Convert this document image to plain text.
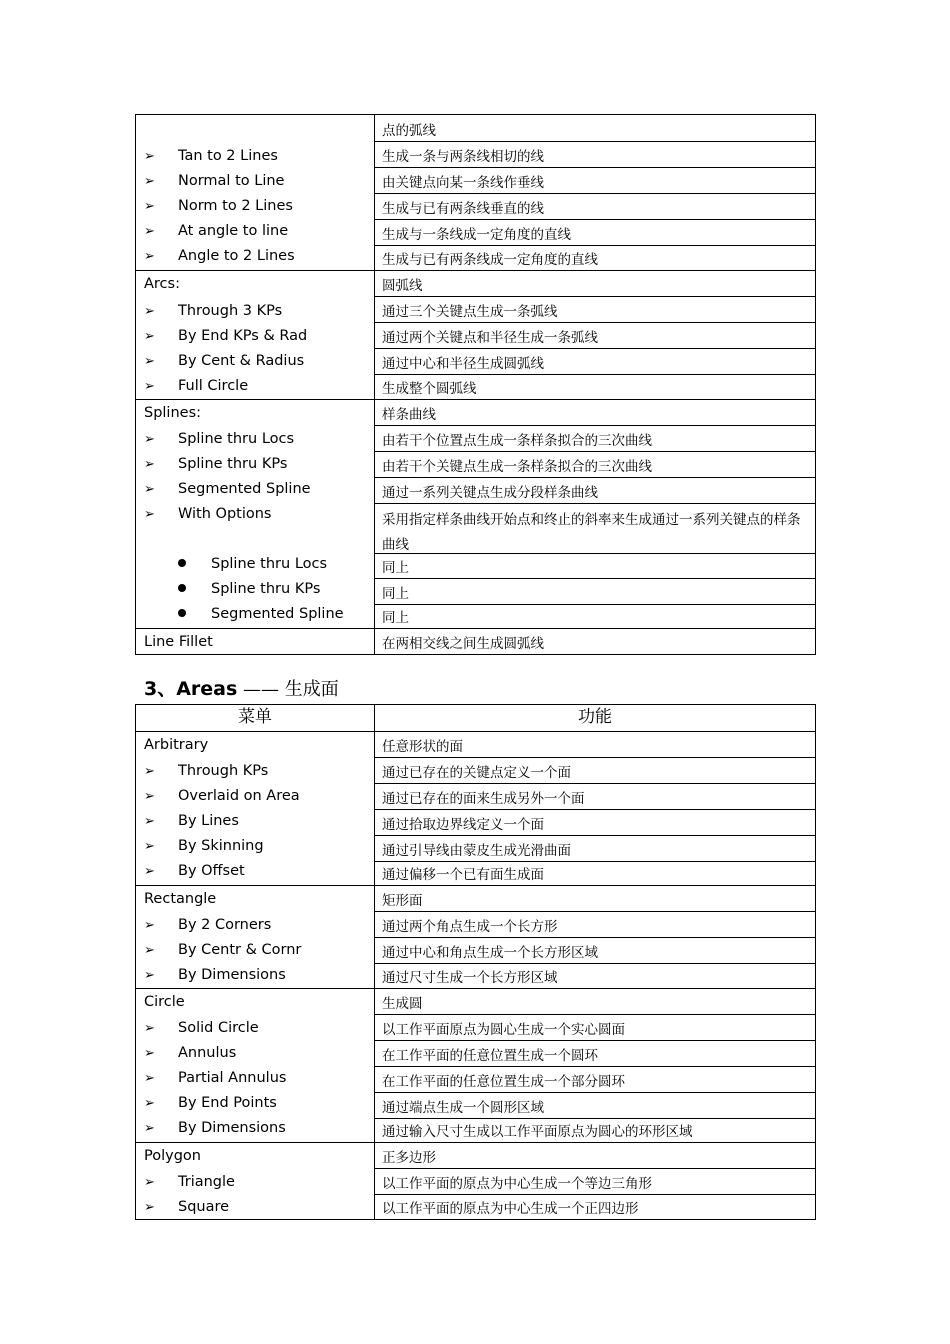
➢ Tan to 2 Lines
➢ Normal to Line
➢ Norm to 2 Lines
➢ At angle to line
➢ Angle to 2 Lines
点的弧线
生成一条与两条线相切的线
由关键点向某一条线作垂线
生成与已有两条线垂直的线
生成与一条线成一定角度的直线
生成与已有两条线成一定角度的直线
Arcs:
➢ Through 3 KPs
➢ By End KPs & Rad
➢ By Cent & Radius
➢ Full Circle
圆弧线
通过三个关键点生成一条弧线
通过两个关键点和半径生成一条弧线
通过中心和半径生成圆弧线
生成整个圆弧线
Splines:
➢ Spline thru Locs
➢ Spline thru KPs
➢ Segmented Spline
➢ With Options
Spline thru Locs
Spline thru KPs
Segmented Spline
样条曲线
由若干个位置点生成一条样条拟合的三次曲线
由若干个关键点生成一条样条拟合的三次曲线
通过一系列关键点生成分段样条曲线
采用指定样条曲线开始点和终止的斜率来生成通过一系列关键点的样条曲线
同上
同上
同上
Line Fillet	在两相交线之间生成圆弧线
3、Areas —— 生成面
菜单	功能
Arbitrary
➢ Through KPs
➢ Overlaid on Area
➢ By Lines
➢ By Skinning
➢ By Offset
任意形状的面
通过已存在的关键点定义一个面
通过已存在的面来生成另外一个面
通过拾取边界线定义一个面
通过引导线由蒙皮生成光滑曲面
通过偏移一个已有面生成面
Rectangle
➢ By 2 Corners
➢ By Centr & Cornr
➢ By Dimensions
矩形面
通过两个角点生成一个长方形
通过中心和角点生成一个长方形区域
通过尺寸生成一个长方形区域
Circle
➢ Solid Circle
➢ Annulus
➢ Partial Annulus
➢ By End Points
➢ By Dimensions
生成圆
以工作平面原点为圆心生成一个实心圆面
在工作平面的任意位置生成一个圆环
在工作平面的任意位置生成一个部分圆环
通过端点生成一个圆形区域
通过输入尺寸生成以工作平面原点为圆心的环形区域
Polygon
➢ Triangle
➢ Square
正多边形
以工作平面的原点为中心生成一个等边三角形
以工作平面的原点为中心生成一个正四边形
